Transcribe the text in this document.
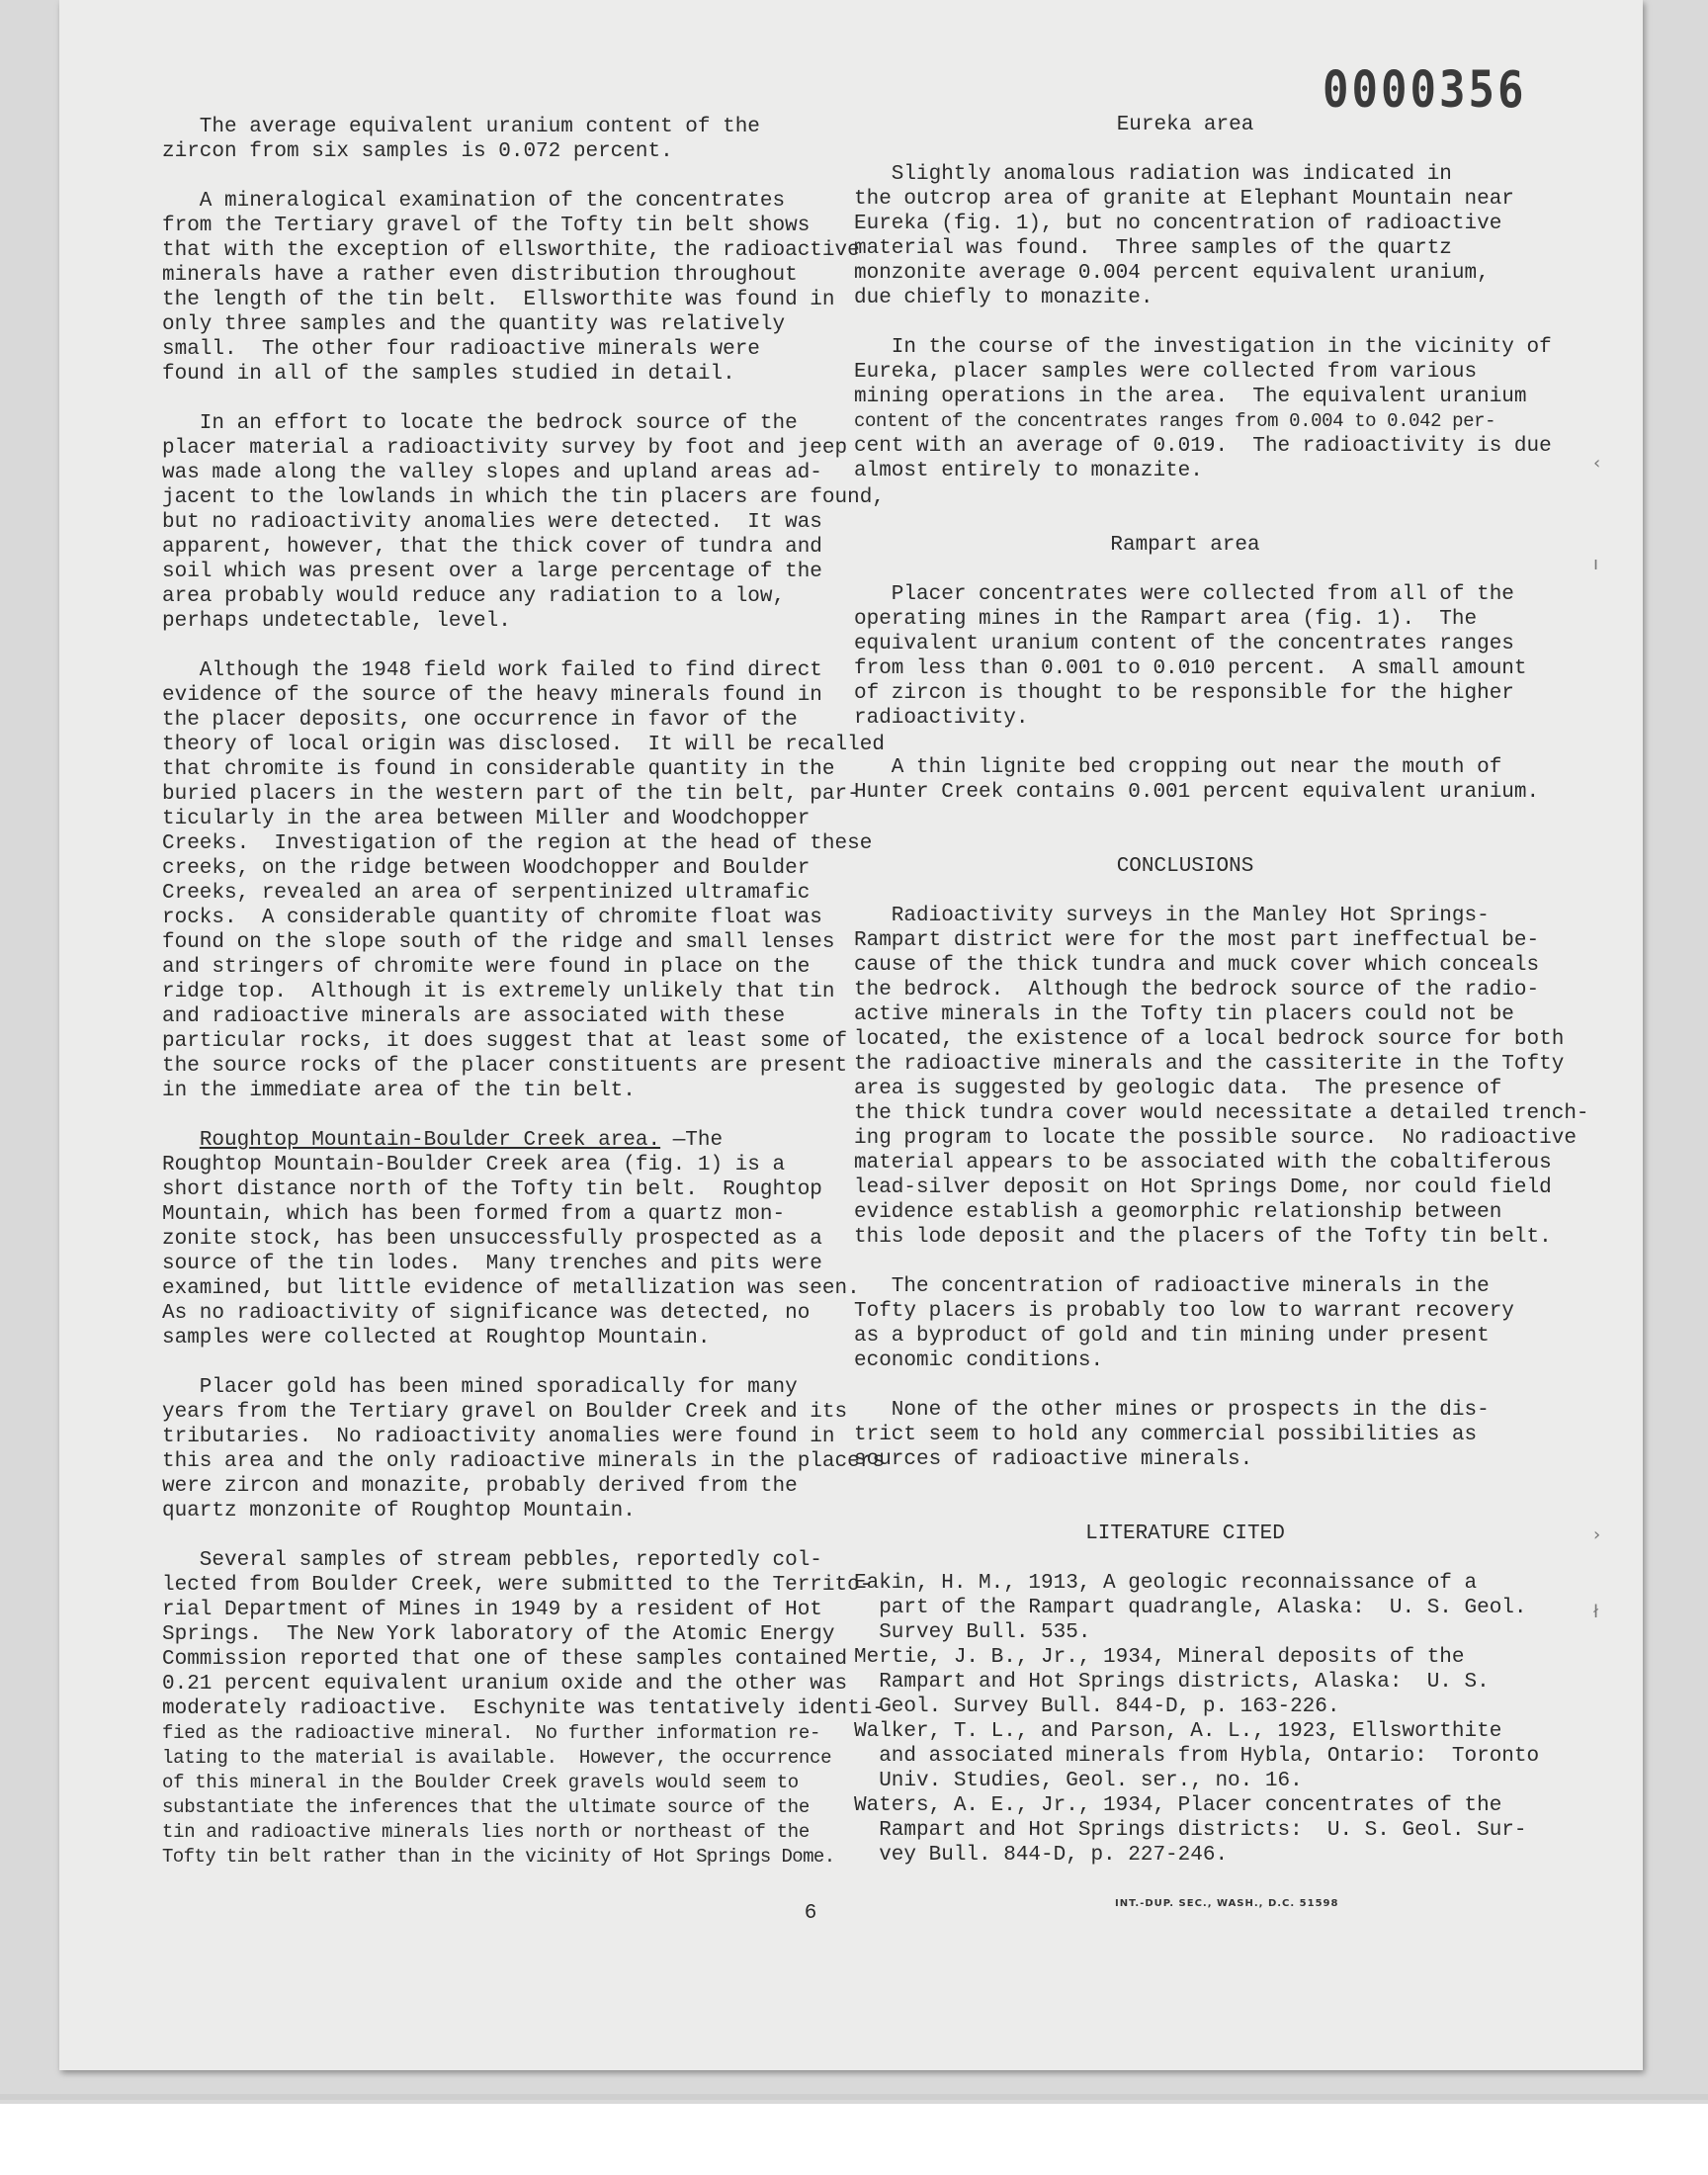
0000356
‹
ı
›
ł

The average equivalent uranium content of the

zircon from six samples is 0.072 percent.

A mineralogical examination of the concentrates

from the Tertiary gravel of the Tofty tin belt shows

that with the exception of ellsworthite, the radioactive

minerals have a rather even distribution throughout

the length of the tin belt.  Ellsworthite was found in

only three samples and the quantity was relatively

small.  The other four radioactive minerals were

found in all of the samples studied in detail.

In an effort to locate the bedrock source of the

placer material a radioactivity survey by foot and jeep

was made along the valley slopes and upland areas ad-

jacent to the lowlands in which the tin placers are found,

but no radioactivity anomalies were detected.  It was

apparent, however, that the thick cover of tundra and

soil which was present over a large percentage of the

area probably would reduce any radiation to a low,

perhaps undetectable, level.

Although the 1948 field work failed to find direct

evidence of the source of the heavy minerals found in

the placer deposits, one occurrence in favor of the

theory of local origin was disclosed.  It will be recalled

that chromite is found in considerable quantity in the

buried placers in the western part of the tin belt, par-

ticularly in the area between Miller and Woodchopper

Creeks.  Investigation of the region at the head of these

creeks, on the ridge between Woodchopper and Boulder

Creeks, revealed an area of serpentinized ultramafic

rocks.  A considerable quantity of chromite float was

found on the slope south of the ridge and small lenses

and stringers of chromite were found in place on the

ridge top.  Although it is extremely unlikely that tin

and radioactive minerals are associated with these

particular rocks, it does suggest that at least some of

the source rocks of the placer constituents are present

in the immediate area of the tin belt.

Roughtop Mountain-Boulder Creek area. —The

Roughtop Mountain-Boulder Creek area (fig. 1) is a

short distance north of the Tofty tin belt.  Roughtop

Mountain, which has been formed from a quartz mon-

zonite stock, has been unsuccessfully prospected as a

source of the tin lodes.  Many trenches and pits were

examined, but little evidence of metallization was seen.

As no radioactivity of significance was detected, no

samples were collected at Roughtop Mountain.

Placer gold has been mined sporadically for many

years from the Tertiary gravel on Boulder Creek and its

tributaries.  No radioactivity anomalies were found in

this area and the only radioactive minerals in the placers

were zircon and monazite, probably derived from the

quartz monzonite of Roughtop Mountain.

Several samples of stream pebbles, reportedly col-

lected from Boulder Creek, were submitted to the Territo-

rial Department of Mines in 1949 by a resident of Hot

Springs.  The New York laboratory of the Atomic Energy

Commission reported that one of these samples contained

0.21 percent equivalent uranium oxide and the other was

moderately radioactive.  Eschynite was tentatively identi-

fied as the radioactive mineral.  No further information re-

lating to the material is available.  However, the occurrence

of this mineral in the Boulder Creek gravels would seem to

substantiate the inferences that the ultimate source of the

tin and radioactive minerals lies north or northeast of the

Tofty tin belt rather than in the vicinity of Hot Springs Dome.

Eureka area

Slightly anomalous radiation was indicated in

the outcrop area of granite at Elephant Mountain near

Eureka (fig. 1), but no concentration of radioactive

material was found.  Three samples of the quartz

monzonite average 0.004 percent equivalent uranium,

due chiefly to monazite.

In the course of the investigation in the vicinity of

Eureka, placer samples were collected from various

mining operations in the area.  The equivalent uranium

content of the concentrates ranges from 0.004 to 0.042 per-

cent with an average of 0.019.  The radioactivity is due

almost entirely to monazite.

Rampart area

Placer concentrates were collected from all of the

operating mines in the Rampart area (fig. 1).  The

equivalent uranium content of the concentrates ranges

from less than 0.001 to 0.010 percent.  A small amount

of zircon is thought to be responsible for the higher

radioactivity.

A thin lignite bed cropping out near the mouth of

Hunter Creek contains 0.001 percent equivalent uranium.

CONCLUSIONS

Radioactivity surveys in the Manley Hot Springs-

Rampart district were for the most part ineffectual be-

cause of the thick tundra and muck cover which conceals

the bedrock.  Although the bedrock source of the radio-

active minerals in the Tofty tin placers could not be

located, the existence of a local bedrock source for both

the radioactive minerals and the cassiterite in the Tofty

area is suggested by geologic data.  The presence of

the thick tundra cover would necessitate a detailed trench-

ing program to locate the possible source.  No radioactive

material appears to be associated with the cobaltiferous

lead-silver deposit on Hot Springs Dome, nor could field

evidence establish a geomorphic relationship between

this lode deposit and the placers of the Tofty tin belt.

The concentration of radioactive minerals in the

Tofty placers is probably too low to warrant recovery

as a byproduct of gold and tin mining under present

economic conditions.

None of the other mines or prospects in the dis-

trict seem to hold any commercial possibilities as

sources of radioactive minerals.

LITERATURE CITED

Eakin, H. M., 1913, A geologic reconnaissance of a

part of the Rampart quadrangle, Alaska:  U. S. Geol.

Survey Bull. 535.

Mertie, J. B., Jr., 1934, Mineral deposits of the

Rampart and Hot Springs districts, Alaska:  U. S.

Geol. Survey Bull. 844-D, p. 163-226.

Walker, T. L., and Parson, A. L., 1923, Ellsworthite

and associated minerals from Hybla, Ontario:  Toronto

Univ. Studies, Geol. ser., no. 16.

Waters, A. E., Jr., 1934, Placer concentrates of the

Rampart and Hot Springs districts:  U. S. Geol. Sur-

vey Bull. 844-D, p. 227-246.

6	INT.-DUP. SEC., WASH., D.C. 51598
